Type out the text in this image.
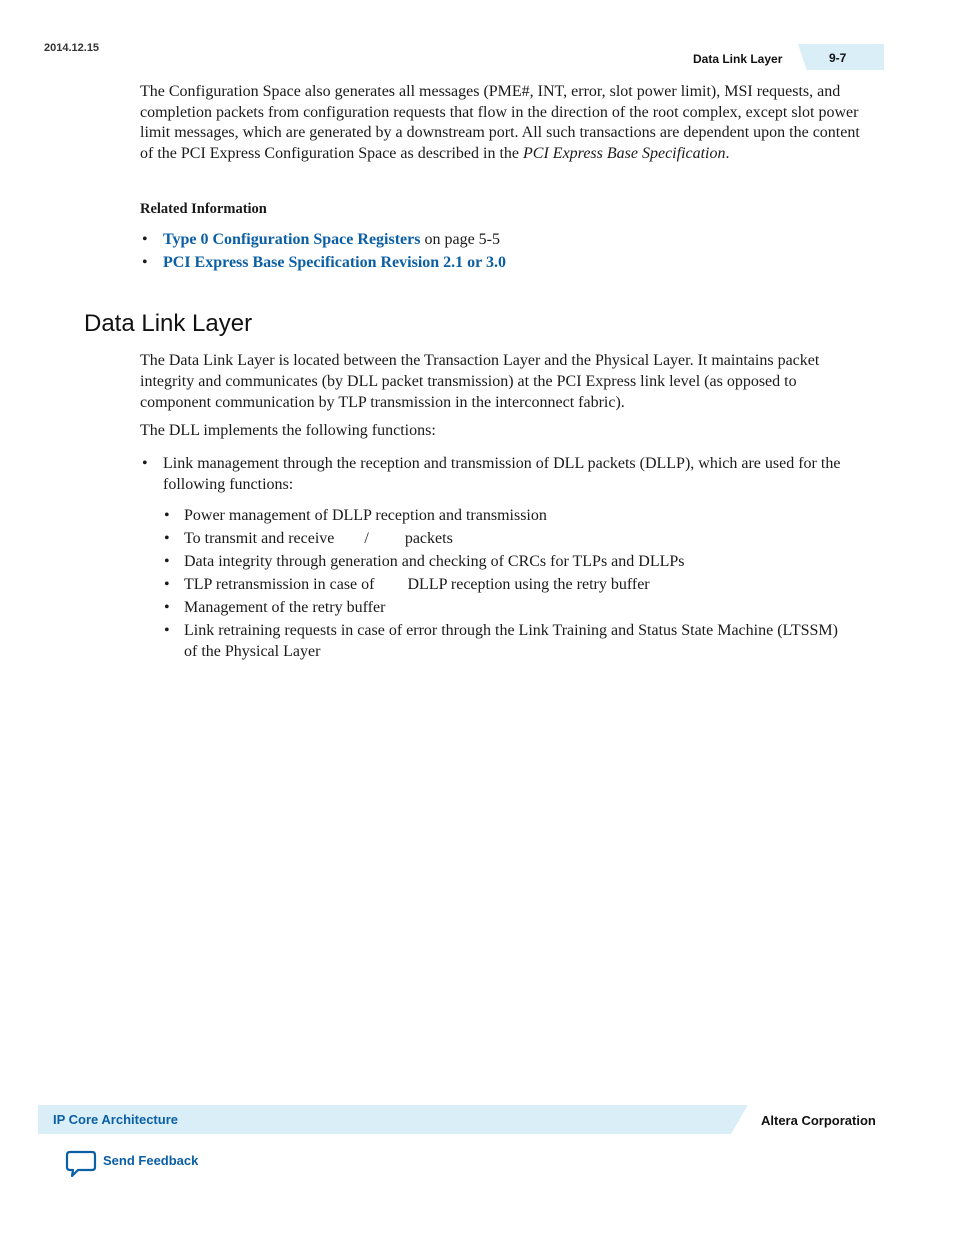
2014.12.15
Data Link Layer	9-7

The Configuration Space also generates all messages (PME#, INT, error, slot power limit), MSI requests, and completion packets from configuration requests that flow in the direction of the root complex, except slot power limit messages, which are generated by a downstream port. All such transactions are dependent upon the content of the PCI Express Configuration Space as described in the PCI Express Base Specification.

Related Information
• Type 0 Configuration Space Registers on page 5-5
• PCI Express Base Specification Revision 2.1 or 3.0
Data Link Layer

The Data Link Layer is located between the Transaction Layer and the Physical Layer. It maintains packet integrity and communicates (by DLL packet transmission) at the PCI Express link level (as opposed to component communication by TLP transmission in the interconnect fabric).

The DLL implements the following functions:

• Link management through the reception and transmission of DLL packets (DLLP), which are used for the following functions:
• Power management of DLLP reception and transmission
• To transmit and receive / packets
• Data integrity through generation and checking of CRCs for TLPs and DLLPs
• TLP retransmission in case of DLLP reception using the retry buffer
• Management of the retry buffer
• Link retraining requests in case of error through the Link Training and Status State Machine (LTSSM) of the Physical Layer
IP Core Architecture	Altera Corporation
Send Feedback
